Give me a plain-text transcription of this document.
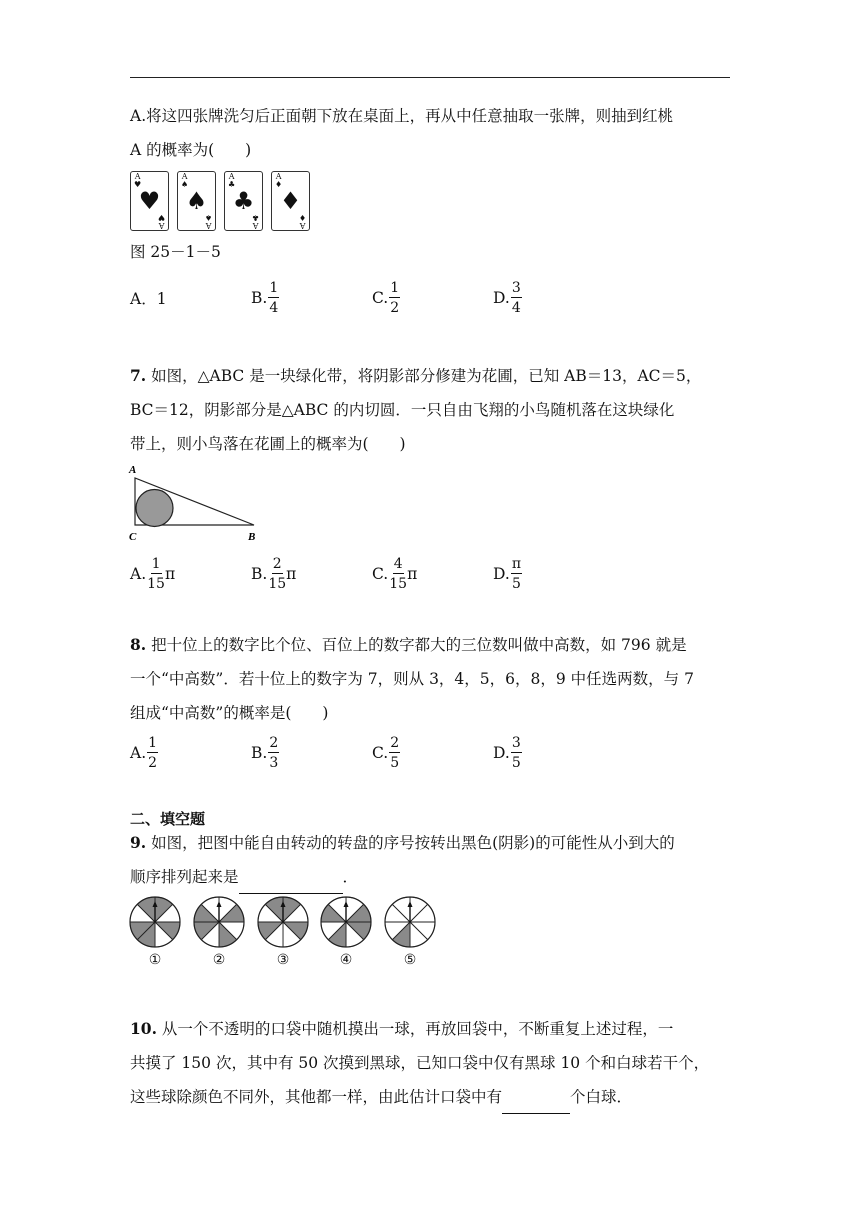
A.将这四张牌洗匀后正面朝下放在桌面上，再从中任意抽取一张牌，则抽到红桃
A 的概率为(　　)
A
♥
♥
A
♥
A
♠
♠
A
♠
A
♣
♣
A
♣
A
♦
♦
A
♦
图 25－1－5
A．1	B. $\frac{1}{4}$	C. $\frac{1}{2}$	D. $\frac{3}{4}$
7. 如图，△ABC 是一块绿化带，将阴影部分修建为花圃，已知 AB＝13，AC＝5，
BC＝12，阴影部分是△ABC 的内切圆．一只自由飞翔的小鸟随机落在这块绿化
带上，则小鸟落在花圃上的概率为(　　)
A
C	B
A. $\frac{1}{15}$ π	B. $\frac{2}{15}$ π	C. $\frac{4}{15}$ π	D. $\frac{\pi}{5}$
8. 把十位上的数字比个位、百位上的数字都大的三位数叫做中高数，如 796 就是
一个“中高数”．若十位上的数字为 7，则从 3，4，5，6，8，9 中任选两数，与 7
组成“中高数”的概率是(　　)
A. $\frac{1}{2}$	B. $\frac{2}{3}$	C. $\frac{2}{5}$	D. $\frac{3}{5}$
二、填空题
9. 如图，把图中能自由转动的转盘的序号按转出黑色(阴影)的可能性从小到大的
顺序排列起来是	．
①	②	③	④	⑤
10. 从一个不透明的口袋中随机摸出一球，再放回袋中，不断重复上述过程，一
共摸了 150 次，其中有 50 次摸到黑球，已知口袋中仅有黑球 10 个和白球若干个，
这些球除颜色不同外，其他都一样，由此估计口袋中有	个白球．
